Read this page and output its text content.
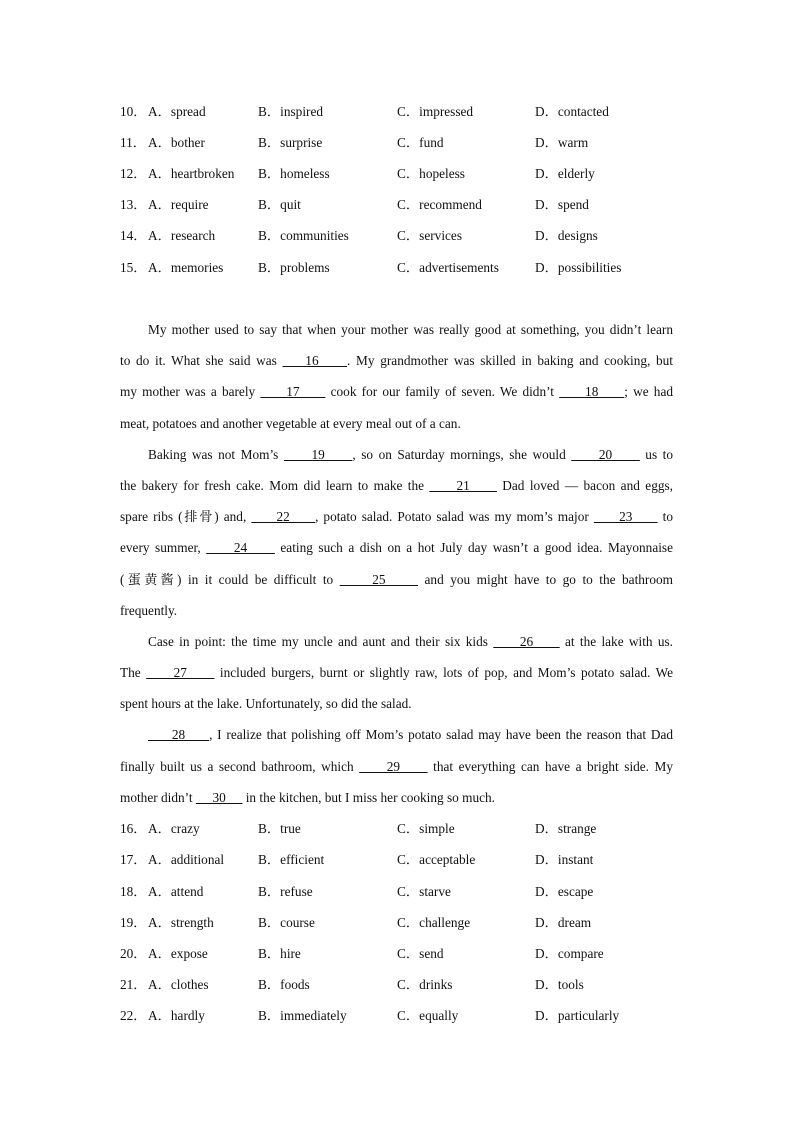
10． A．spread	B．inspired	C．impressed	D．contacted
11． A．bother	B．surprise	C．fund	D．warm
12． A．heartbroken B．homeless	C．hopeless	D．elderly
13． A．require	B．quit	C．recommend	D．spend
14． A．research	B．communities	C．services	D．designs
15． A．memories	B．problems	C．advertisements	D．possibilities
My mother used to say that when your mother was really good at something, you didn’t learn
to do it. What she said was     16     . My grandmother was skilled in baking and cooking, but
my mother was a barely      17      cook for our family of seven. We didn’t      18     ; we had
meat, potatoes and another vegetable at every meal out of a can.
Baking was not Mom’s      19     , so on Saturday mornings, she would      20      us to
the bakery for fresh cake. Mom did learn to make the      21      Dad loved — bacon and eggs,
spare ribs (排骨) and,      22     , potato salad. Potato salad was my mom’s major      23      to
every summer,      24      eating such a dish on a hot July day wasn’t a good idea. Mayonnaise
(蛋黄酱) in it could be difficult to      25      and you might have to go to the bathroom
frequently.
Case in point: the time my uncle and aunt and their six kids      26      at the lake with us.
The      27      included burgers, burnt or slightly raw, lots of pop, and Mom’s potato salad. We
spent hours at the lake. Unfortunately, so did the salad.
28     , I realize that polishing off Mom’s potato salad may have been the reason that Dad
finally built us a second bathroom, which      29      that everything can have a bright side. My
mother didn’t      30      in the kitchen, but I miss her cooking so much.
16． A．crazy	B．true	C．simple	D．strange
17． A．additional	B．efficient	C．acceptable	D．instant
18． A．attend	B．refuse	C．starve	D．escape
19． A．strength	B．course	C．challenge	D．dream
20． A．expose	B．hire	C．send	D．compare
21． A．clothes	B．foods	C．drinks	D．tools
22． A．hardly	B．immediately	C．equally	D．particularly
